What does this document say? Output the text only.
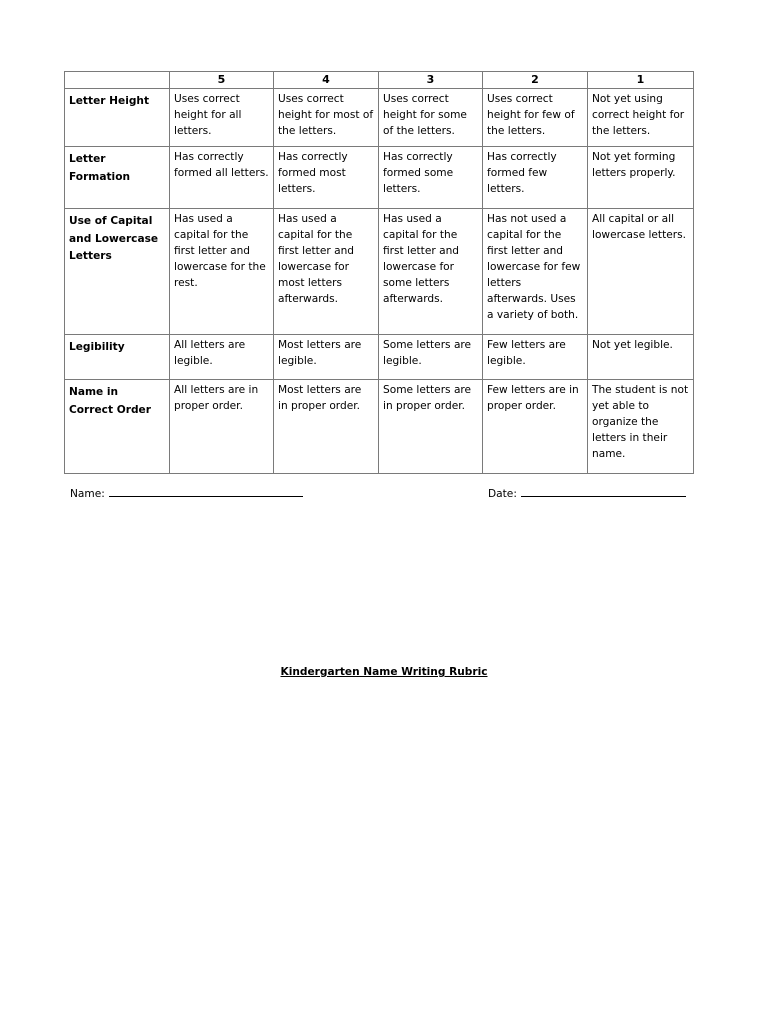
	5	4	3	2	1
Letter Height	Uses correct height for all letters.	Uses correct height for most of the letters.	Uses correct height for some of the letters.	Uses correct height for few of the letters.	Not yet using correct height for the letters.
Letter Formation	Has correctly formed all letters.	Has correctly formed most letters.	Has correctly formed some letters.	Has correctly formed few letters.	Not yet forming letters properly.
Use of Capital and Lowercase Letters	Has used a capital for the first letter and lowercase for the rest.	Has used a capital for the first letter and lowercase for most letters afterwards.	Has used a capital for the first letter and lowercase for some letters afterwards.	Has not used a capital for the first letter and lowercase for few letters afterwards. Uses a variety of both.	All capital or all lowercase letters.
Legibility	All letters are legible.	Most letters are legible.	Some letters are legible.	Few letters are legible.	Not yet legible.
Name in Correct Order	All letters are in proper order.	Most letters are in proper order.	Some letters are in proper order.	Few letters are in proper order.	The student is not yet able to organize the letters in their name.
Name:	Date:
Kindergarten Name Writing Rubric
